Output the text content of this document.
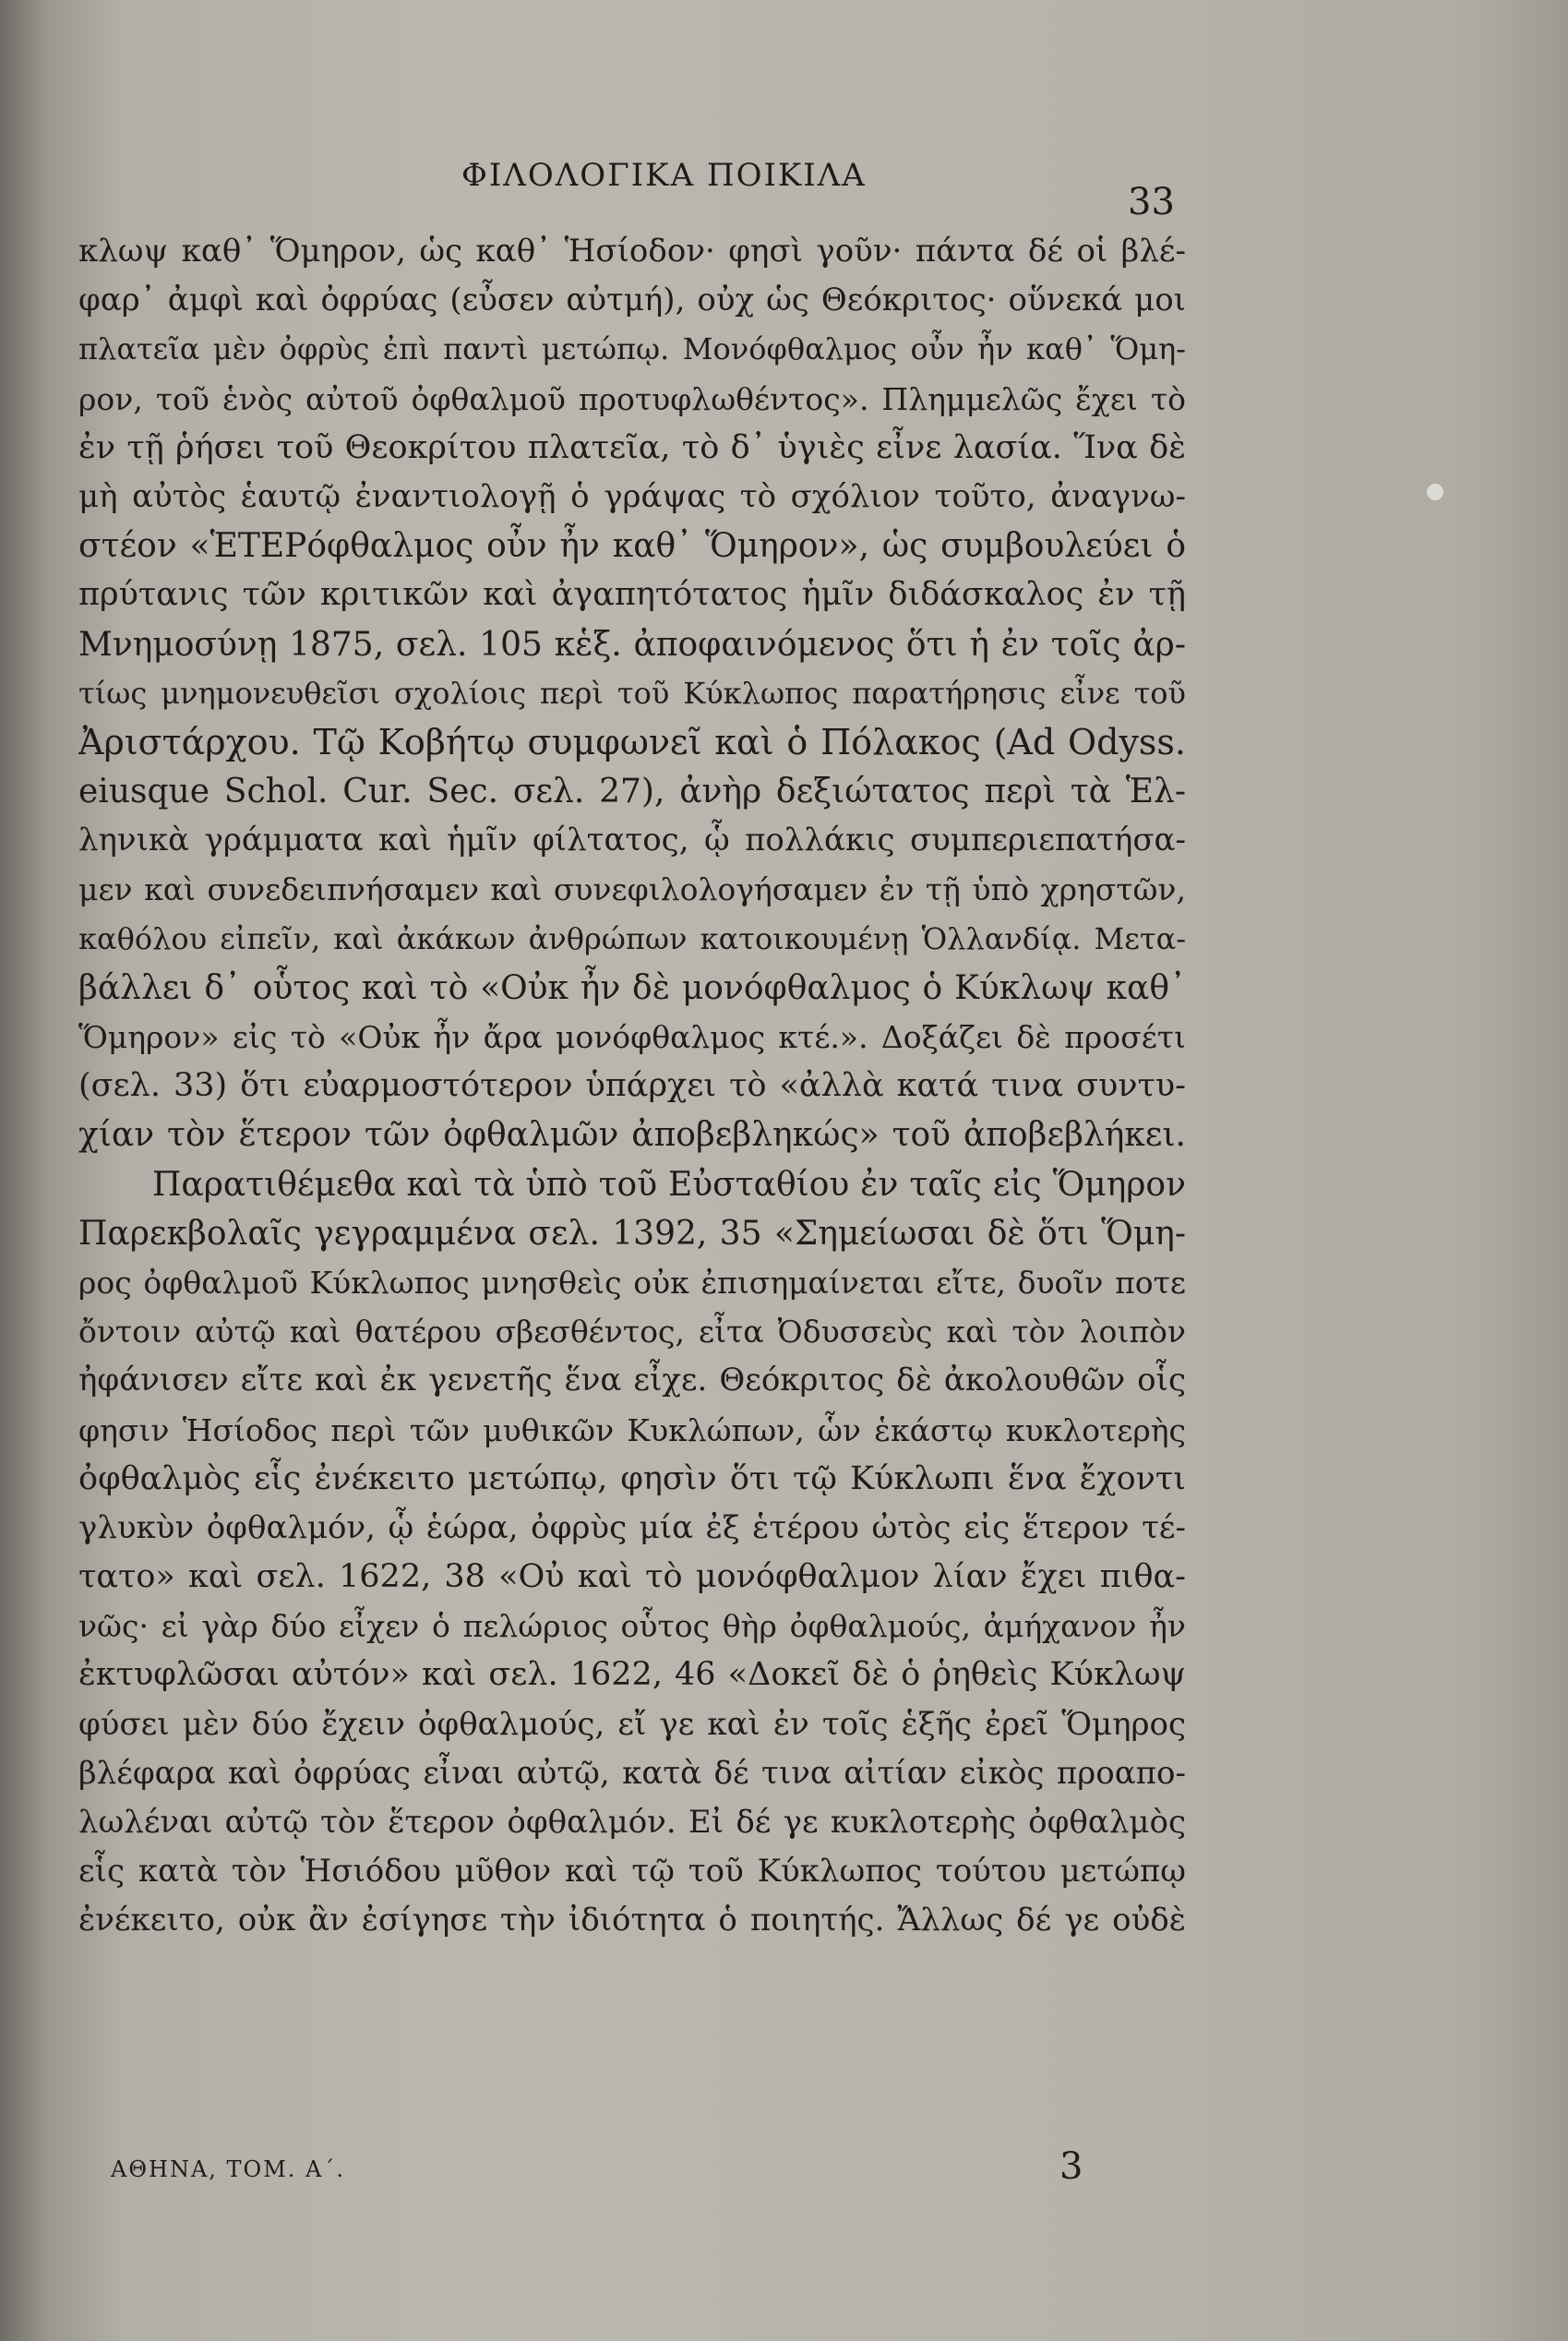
ΦΙΛΟΛΟΓΙΚΑ ΠΟΙΚΙΛΑ
33
κλωψ καθ᾽ Ὅμηρον, ὡς καθ᾽ Ἡσίοδον· φησὶ γοῦν· πάντα δέ οἱ βλέ-
φαρ᾽ ἀμφὶ καὶ ὀφρύας (εὖσεν αὐτμή), οὐχ ὡς Θεόκριτος· οὕνεκά μοι
πλατεῖα μὲν ὀφρὺς ἐπὶ παντὶ μετώπῳ. Μονόφθαλμος οὖν ἦν καθ᾽ Ὅμη-
ρον, τοῦ ἑνὸς αὐτοῦ ὀφθαλμοῦ προτυφλωθέντος». Πλημμελῶς ἔχει τὸ
ἐν τῇ ῥήσει τοῦ Θεοκρίτου πλατεῖα, τὸ δ᾽ ὑγιὲς εἶνε λασία. Ἵνα δὲ
μὴ αὐτὸς ἑαυτῷ ἐναντιολογῇ ὁ γράψας τὸ σχόλιον τοῦτο, ἀναγνω-
στέον «ἙΤΕΡόφθαλμος οὖν ἦν καθ᾽ Ὅμηρον», ὡς συμβουλεύει ὁ
πρύτανις τῶν κριτικῶν καὶ ἀγαπητότατος ἡμῖν διδάσκαλος ἐν τῇ
Μνημοσύνῃ 1875, σελ. 105 κἑξ. ἀποφαινόμενος ὅτι ἡ ἐν τοῖς ἀρ-
τίως μνημονευθεῖσι σχολίοις περὶ τοῦ Κύκλωπος παρατήρησις εἶνε τοῦ
Ἀριστάρχου. Τῷ Κοβήτῳ συμφωνεῖ καὶ ὁ Πόλακος (Ad Odyss.
eiusque Schol. Cur. Sec. σελ. 27), ἀνὴρ δεξιώτατος περὶ τὰ Ἑλ-
ληνικὰ γράμματα καὶ ἡμῖν φίλτατος, ᾧ πολλάκις συμπεριεπατήσα-
μεν καὶ συνεδειπνήσαμεν καὶ συνεφιλολογήσαμεν ἐν τῇ ὑπὸ χρηστῶν,
καθόλου εἰπεῖν, καὶ ἀκάκων ἀνθρώπων κατοικουμένῃ Ὁλλανδίᾳ. Μετα-
βάλλει δ᾽ οὗτος καὶ τὸ «Οὐκ ἦν δὲ μονόφθαλμος ὁ Κύκλωψ καθ᾽
Ὅμηρον» εἰς τὸ «Οὐκ ἦν ἄρα μονόφθαλμος κτέ.». Δοξάζει δὲ προσέτι
(σελ. 33) ὅτι εὐαρμοστότερον ὑπάρχει τὸ «ἀλλὰ κατά τινα συντυ-
χίαν τὸν ἕτερον τῶν ὀφθαλμῶν ἀποβεβληκώς» τοῦ ἀποβεβλήκει.
Παρατιθέμεθα καὶ τὰ ὑπὸ τοῦ Εὐσταθίου ἐν ταῖς εἰς Ὅμηρον
Παρεκβολαῖς γεγραμμένα σελ. 1392, 35 «Σημείωσαι δὲ ὅτι Ὅμη-
ρος ὀφθαλμοῦ Κύκλωπος μνησθεὶς οὐκ ἐπισημαίνεται εἴτε, δυοῖν ποτε
ὄντοιν αὐτῷ καὶ θατέρου σβεσθέντος, εἶτα Ὀδυσσεὺς καὶ τὸν λοιπὸν
ἠφάνισεν εἴτε καὶ ἐκ γενετῆς ἕνα εἶχε. Θεόκριτος δὲ ἀκολουθῶν οἷς
φησιν Ἡσίοδος περὶ τῶν μυθικῶν Κυκλώπων, ὧν ἑκάστῳ κυκλοτερὴς
ὀφθαλμὸς εἷς ἐνέκειτο μετώπῳ, φησὶν ὅτι τῷ Κύκλωπι ἕνα ἔχοντι
γλυκὺν ὀφθαλμόν, ᾧ ἑώρα, ὀφρὺς μία ἐξ ἑτέρου ὠτὸς εἰς ἕτερον τέ-
τατο» καὶ σελ. 1622, 38 «Οὐ καὶ τὸ μονόφθαλμον λίαν ἔχει πιθα-
νῶς· εἰ γὰρ δύο εἶχεν ὁ πελώριος οὗτος θὴρ ὀφθαλμούς, ἀμήχανον ἦν
ἐκτυφλῶσαι αὐτόν» καὶ σελ. 1622, 46 «Δοκεῖ δὲ ὁ ῥηθεὶς Κύκλωψ
φύσει μὲν δύο ἔχειν ὀφθαλμούς, εἴ γε καὶ ἐν τοῖς ἑξῆς ἐρεῖ Ὅμηρος
βλέφαρα καὶ ὀφρύας εἶναι αὐτῷ, κατὰ δέ τινα αἰτίαν εἰκὸς προαπο-
λωλέναι αὐτῷ τὸν ἕτερον ὀφθαλμόν. Εἰ δέ γε κυκλοτερὴς ὀφθαλμὸς
εἷς κατὰ τὸν Ἡσιόδου μῦθον καὶ τῷ τοῦ Κύκλωπος τούτου μετώπῳ
ἐνέκειτο, οὐκ ἂν ἐσίγησε τὴν ἰδιότητα ὁ ποιητής. Ἄλλως δέ γε οὐδὲ
ΑΘΗΝΑ, ΤΟΜ. Α΄.	3
